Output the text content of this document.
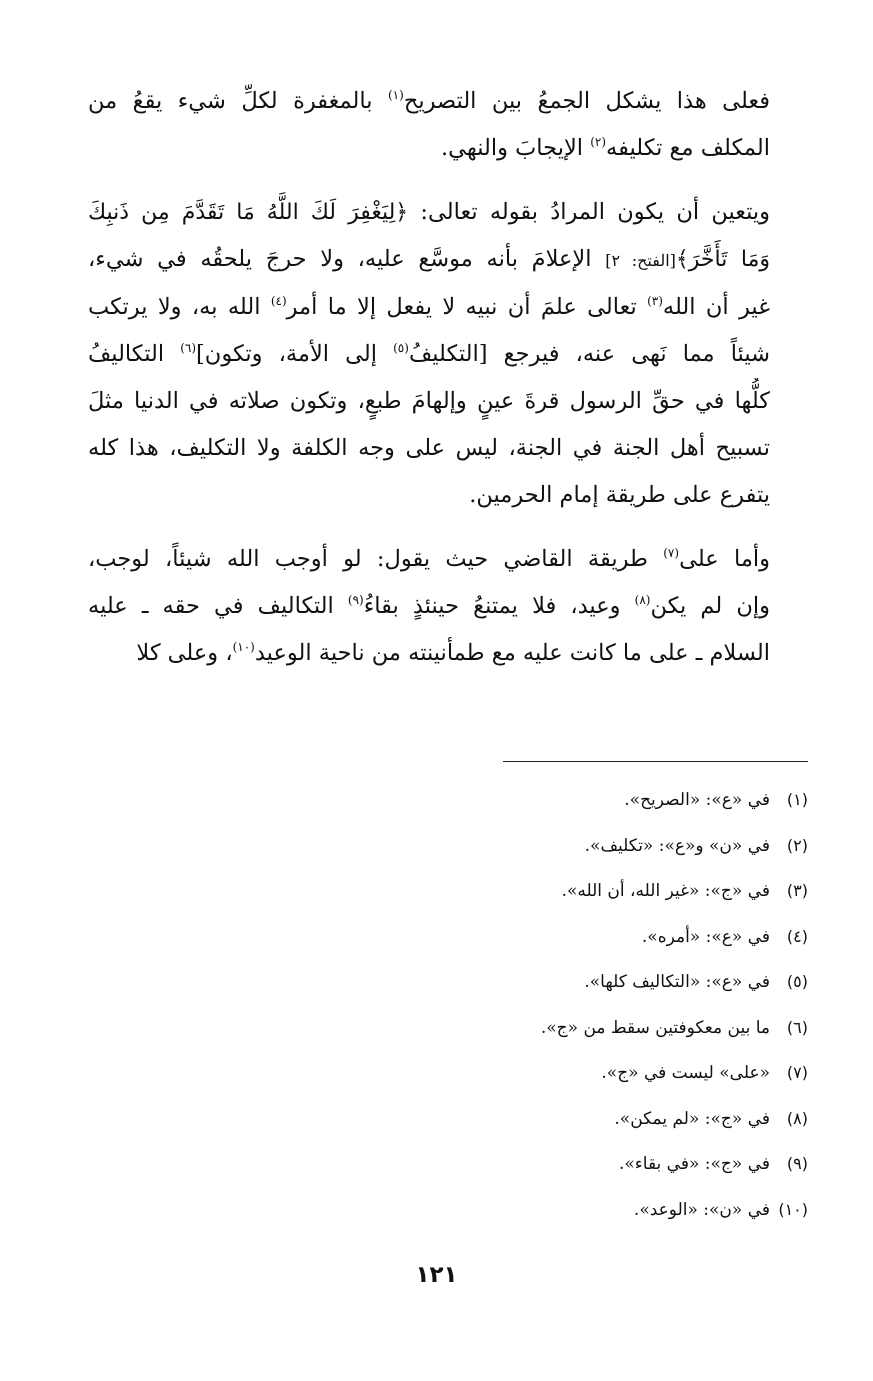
فعلى هذا يشكل الجمعُ بين التصريح$^{(١)}$ بالمغفرة لكلِّ شيء يقعُ من
المكلف مع تكليفه$^{(٢)}$ الإيجابَ والنهي.
ويتعين أن يكون المرادُ بقوله تعالى: ﴿لِيَغْفِرَ لَكَ اللَّهُ مَا تَقَدَّمَ مِن ذَنبِكَ
وَمَا تَأَخَّرَ﴾[الفتح: ٢] الإعلامَ بأنه موسَّع عليه، ولا حرجَ يلحقُه في شيء،
غير أن الله$^{(٣)}$ تعالى علمَ أن نبيه لا يفعل إلا ما أمر$^{(٤)}$ الله به، ولا يرتكب
شيئاً مما نَهى عنه، فيرجع [التكليفُ$^{(٥)}$ إلى الأمة، وتكون]$^{(٦)}$ التكاليفُ
كلُّها في حقِّ الرسول قرةَ عينٍ وإلهامَ طبعٍ، وتكون صلاته في الدنيا مثلَ
تسبيح أهل الجنة في الجنة، ليس على وجه الكلفة ولا التكليف، هذا كله
يتفرع على طريقة إمام الحرمين.
وأما على$^{(٧)}$ طريقة القاضي حيث يقول: لو أوجب الله شيئاً، لوجب،
وإن لم يكن$^{(٨)}$ وعيد، فلا يمتنعُ حينئذٍ بقاءُ$^{(٩)}$ التكاليف في حقه ـ عليه
السلام ـ على ما كانت عليه مع طمأنينته من ناحية الوعيد$^{(١٠)}$، وعلى كلا
(١)في «ع»: «الصريح».
(٢)في «ن» و«ع»: «تكليف».
(٣)في «ج»: «غير الله، أن الله».
(٤)في «ع»: «أمره».
(٥)في «ع»: «التكاليف كلها».
(٦)ما بين معكوفتين سقط من «ج».
(٧)«على» ليست في «ج».
(٨)في «ج»: «لم يمكن».
(٩)في «ج»: «في بقاء».
(١٠)في «ن»: «الوعد».
١٢١
